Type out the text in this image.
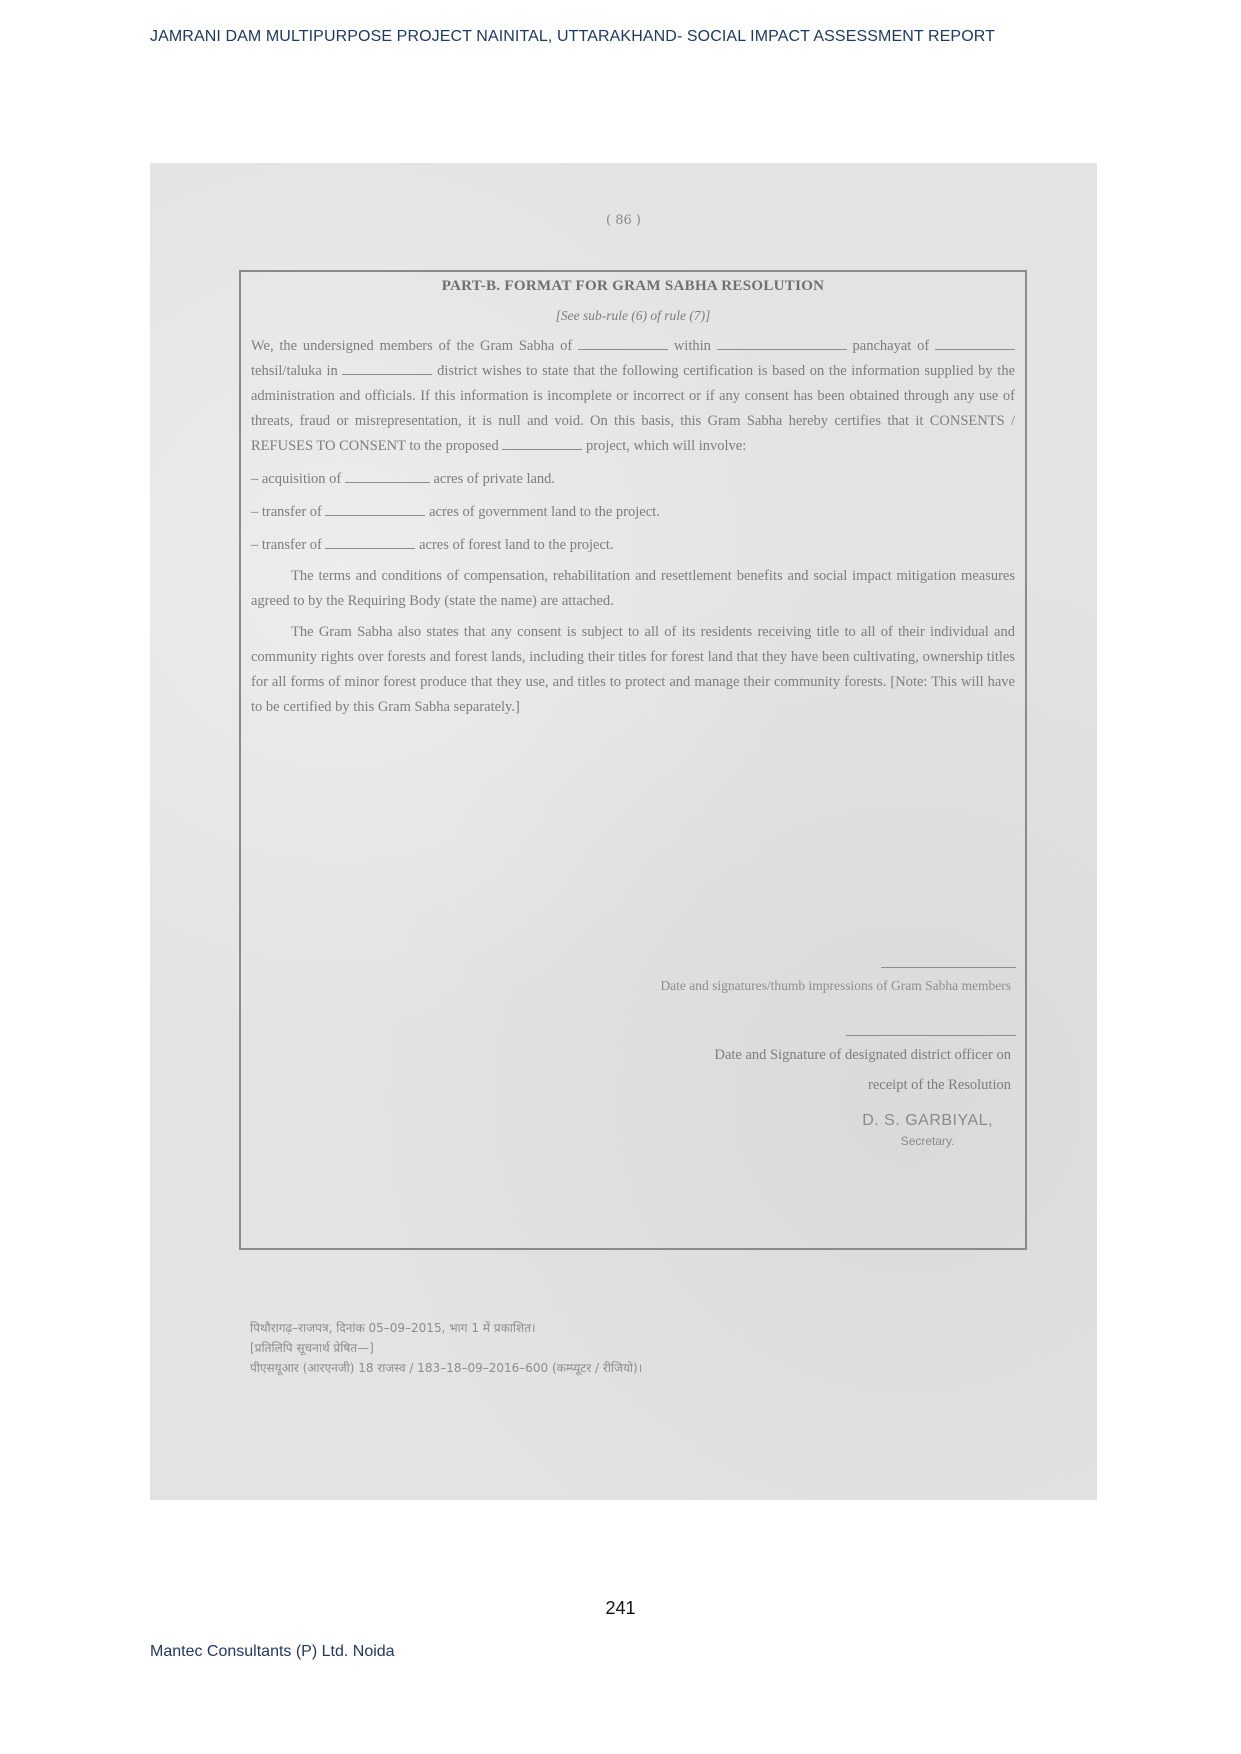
JAMRANI DAM MULTIPURPOSE PROJECT NAINITAL, UTTARAKHAND- SOCIAL IMPACT ASSESSMENT REPORT
( 86 )
PART-B. FORMAT FOR GRAM SABHA RESOLUTION
[See sub-rule (6) of rule (7)]
We, the undersigned members of the Gram Sabha of	within	panchayat of  tehsil/taluka in	district wishes to state that the following certification is based on the information supplied by the administration and officials. If this information is incomplete or incorrect or if any consent has been obtained through any use of threats, fraud or misrepresentation, it is null and void. On this basis, this Gram Sabha hereby certifies that it CONSENTS / REFUSES TO CONSENT to the proposed	project, which will involve:
– acquisition of	acres of private land.
– transfer of	acres of government land to the project.
– transfer of	acres of forest land to the project.
The terms and conditions of compensation, rehabilitation and resettlement benefits and social impact mitigation measures agreed to by the Requiring Body (state the name) are attached.
The Gram Sabha also states that any consent is subject to all of its residents receiving title to all of their individual and community rights over forests and forest lands, including their titles for forest land that they have been cultivating, ownership titles for all forms of minor forest produce that they use, and titles to protect and manage their community forests. [Note: This will have to be certified by this Gram Sabha separately.]
Date and signatures/thumb impressions of Gram Sabha members
Date and Signature of designated district officer on
receipt of the Resolution
D. S. GARBIYAL,
Secretary.
पिथौरागढ़–राजपत्र, दिनांक 05–09–2015, भाग 1 में प्रकाशित।
[प्रतिलिपि सूचनार्थ प्रेषित—]
पीएसयूआर (आरएनजी) 18 राजस्व / 183–18–09–2016–600 (कम्प्यूटर / रीजियो)।
241
Mantec Consultants (P) Ltd. Noida
